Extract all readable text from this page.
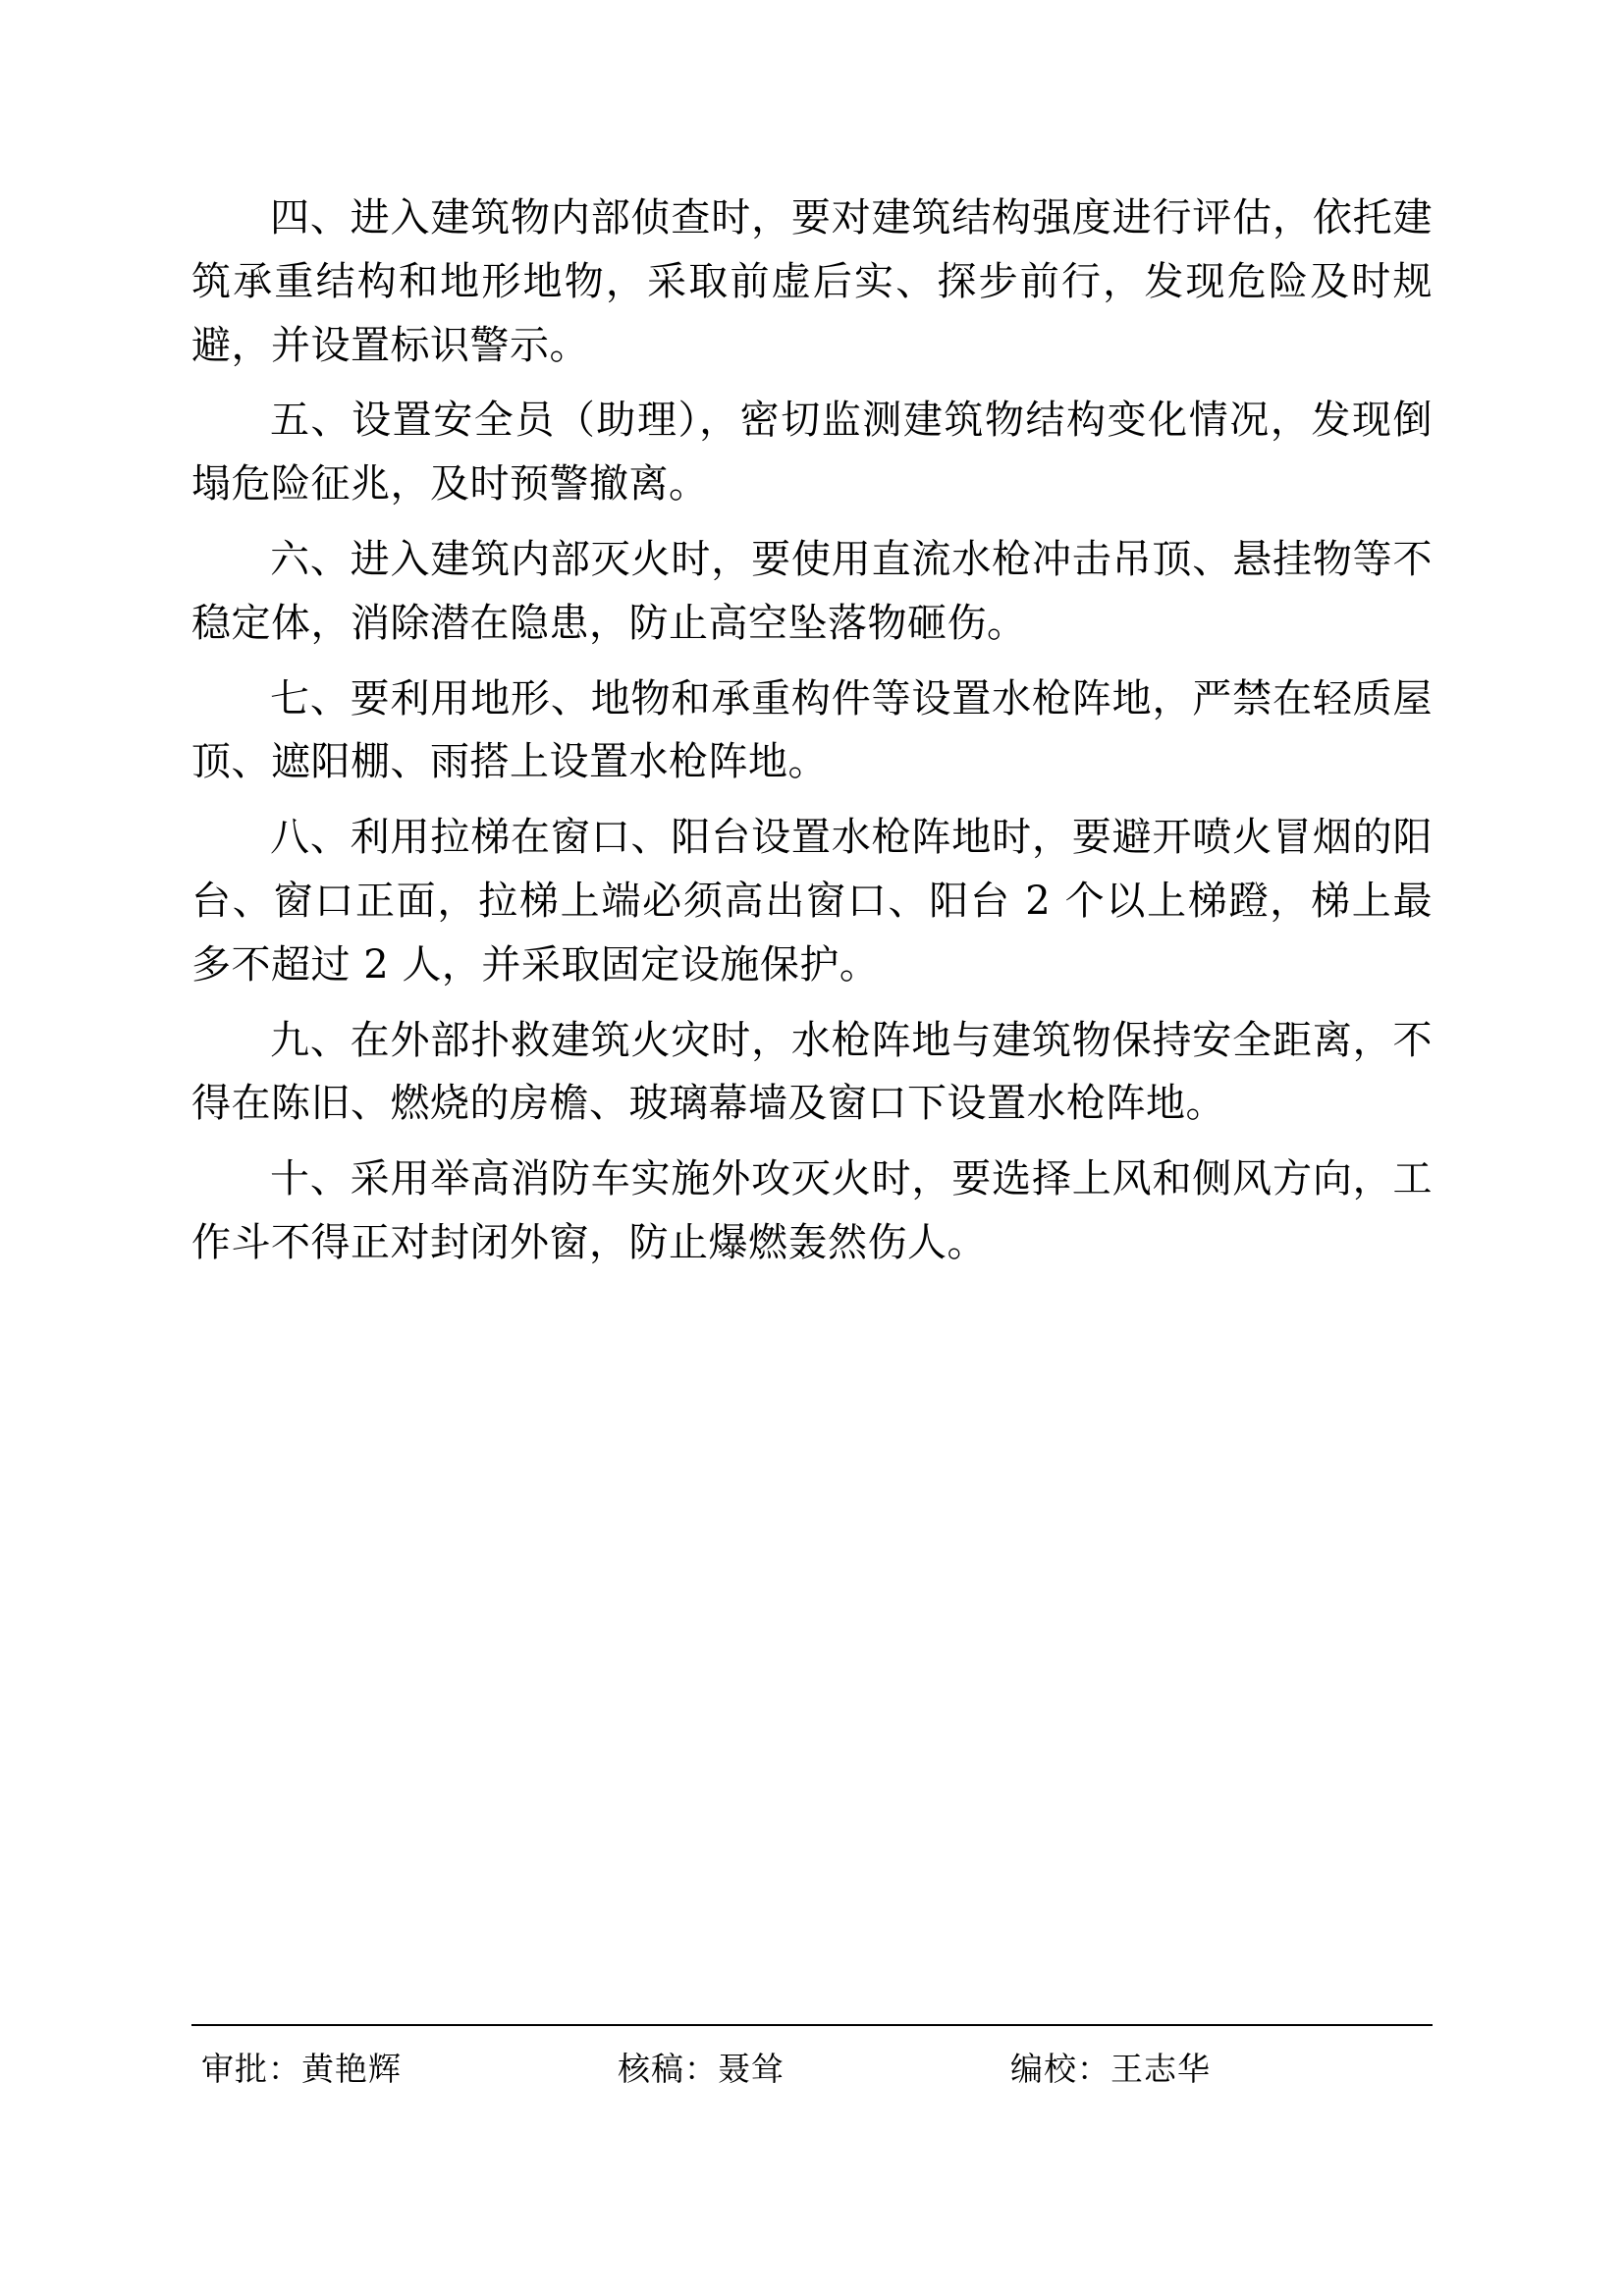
四、进入建筑物内部侦查时，要对建筑结构强度进行评估，依托建筑承重结构和地形地物，采取前虚后实、探步前行，发现危险及时规避，并设置标识警示。

五、设置安全员（助理），密切监测建筑物结构变化情况，发现倒塌危险征兆，及时预警撤离。

六、进入建筑内部灭火时，要使用直流水枪冲击吊顶、悬挂物等不稳定体，消除潜在隐患，防止高空坠落物砸伤。

七、要利用地形、地物和承重构件等设置水枪阵地，严禁在轻质屋顶、遮阳棚、雨搭上设置水枪阵地。

八、利用拉梯在窗口、阳台设置水枪阵地时，要避开喷火冒烟的阳台、窗口正面，拉梯上端必须高出窗口、阳台 2 个以上梯蹬，梯上最多不超过 2 人，并采取固定设施保护。

九、在外部扑救建筑火灾时，水枪阵地与建筑物保持安全距离，不得在陈旧、燃烧的房檐、玻璃幕墙及窗口下设置水枪阵地。

十、采用举高消防车实施外攻灭火时，要选择上风和侧风方向，工作斗不得正对封闭外窗，防止爆燃轰然伤人。

审批：黄艳辉	核稿：聂耸	编校：王志华
